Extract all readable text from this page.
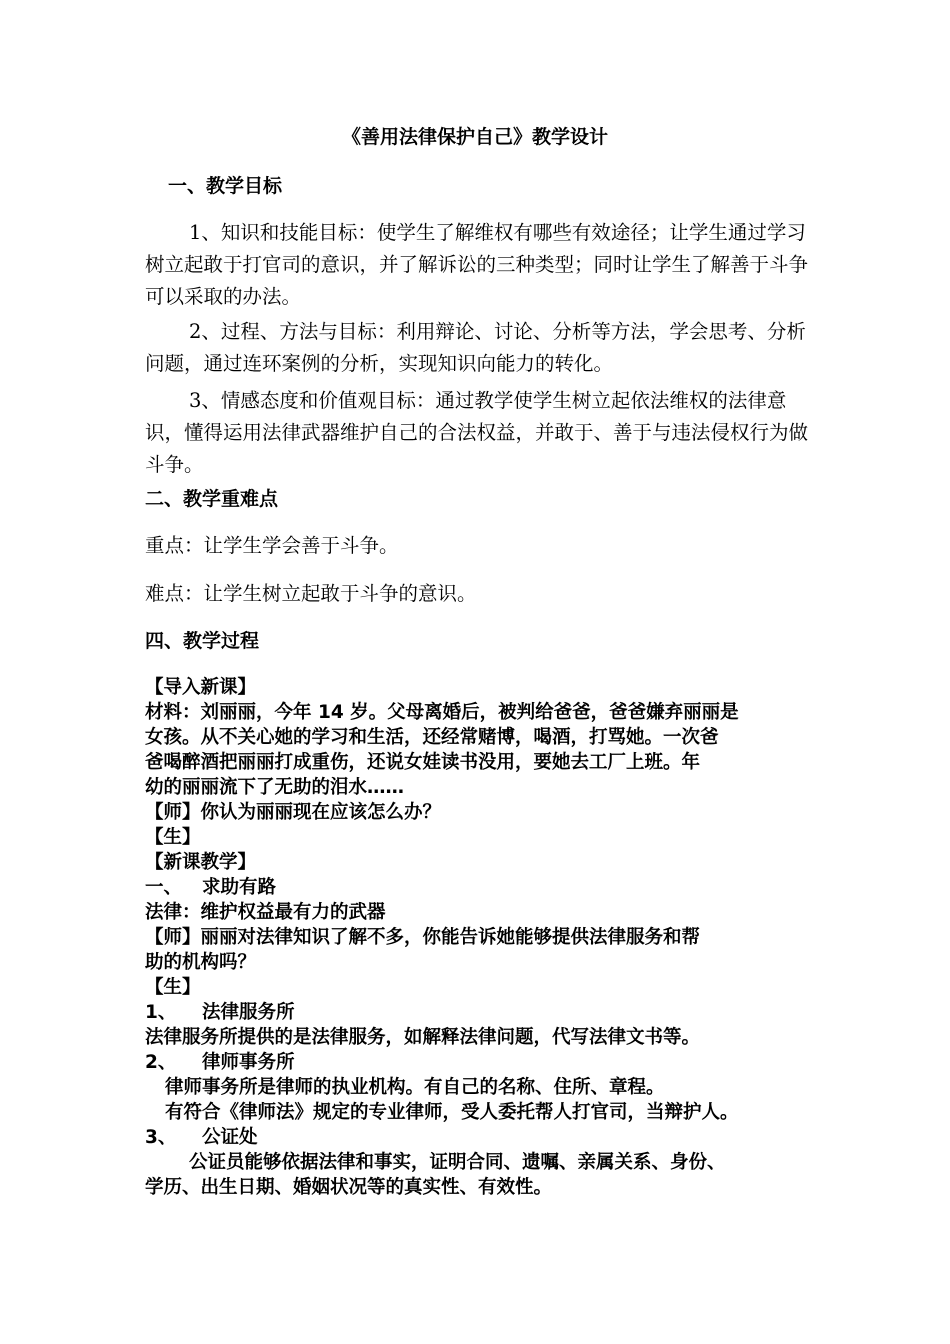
《善用法律保护自己》教学设计
一、教学目标
1、知识和技能目标：使学生了解维权有哪些有效途径；让学生通过学习树立起敢于打官司的意识，并了解诉讼的三种类型；同时让学生了解善于斗争可以采取的办法。
2、过程、方法与目标：利用辩论、讨论、分析等方法，学会思考、分析问题，通过连环案例的分析，实现知识向能力的转化。
3、情感态度和价值观目标：通过教学使学生树立起依法维权的法律意识，懂得运用法律武器维护自己的合法权益，并敢于、善于与违法侵权行为做斗争。
二、教学重难点
重点：让学生学会善于斗争。
难点：让学生树立起敢于斗争的意识。
四、教学过程
【导入新课】
材料：刘丽丽，今年 14 岁。父母离婚后，被判给爸爸，爸爸嫌弃丽丽是
女孩。从不关心她的学习和生活，还经常赌博，喝酒，打骂她。一次爸
爸喝醉酒把丽丽打成重伤，还说女娃读书没用，要她去工厂上班。年
幼的丽丽流下了无助的泪水……
【师】你认为丽丽现在应该怎么办？
【生】
【新课教学】
一、 求助有路
法律：维护权益最有力的武器
【师】丽丽对法律知识了解不多，你能告诉她能够提供法律服务和帮
助的机构吗？
【生】
1、 法律服务所
法律服务所提供的是法律服务，如解释法律问题，代写法律文书等。
2、 律师事务所
律师事务所是律师的执业机构。有自己的名称、住所、章程。
有符合《律师法》规定的专业律师，受人委托帮人打官司，当辩护人。
3、 公证处
公证员能够依据法律和事实，证明合同、遗嘱、亲属关系、身份、
学历、出生日期、婚姻状况等的真实性、有效性。
